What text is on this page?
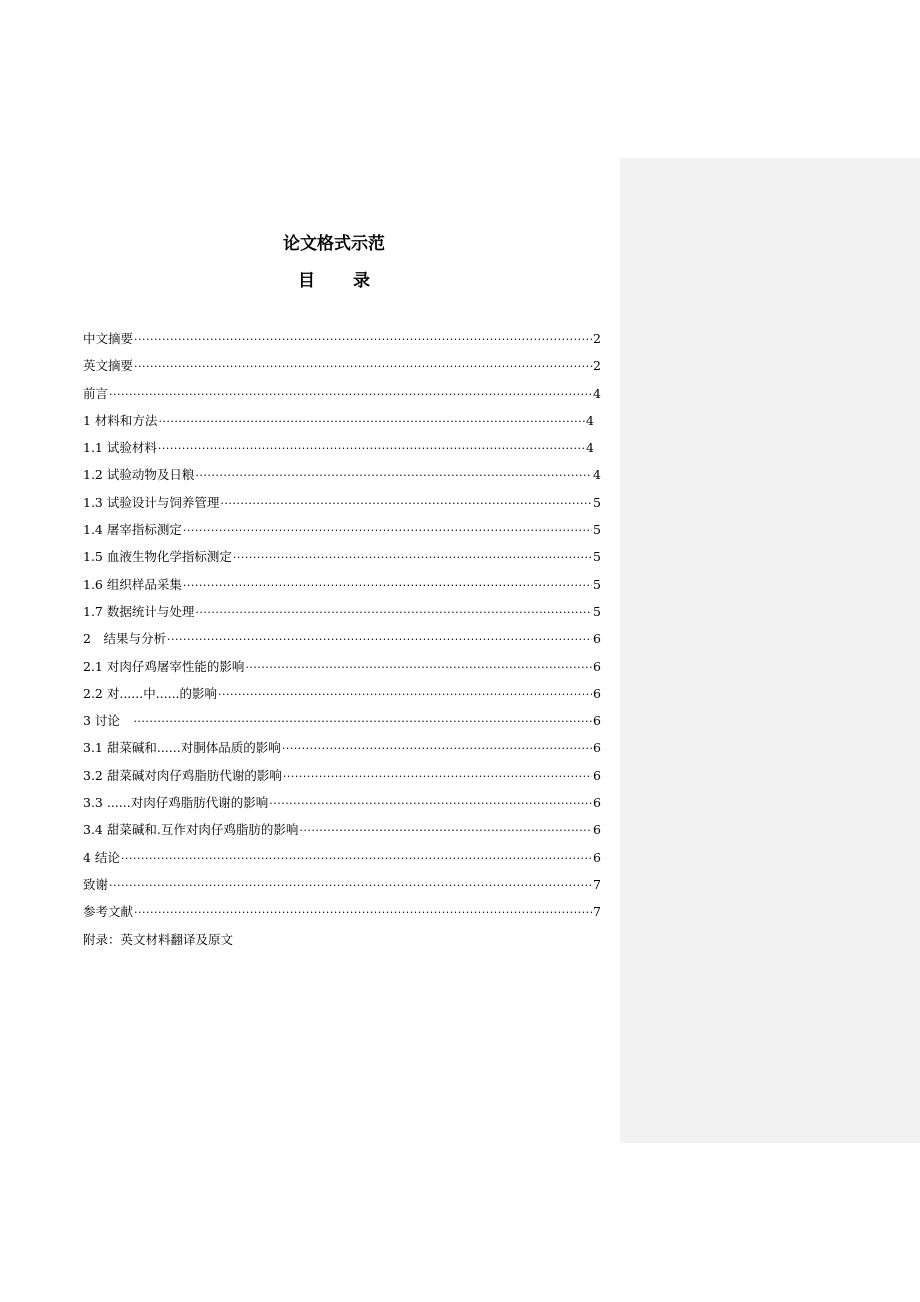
论文格式示范
目 录
中文摘要 ·····	2
英文摘要 ·····	2
前言 ·····	4
1 材料和方法 ·····	4
1.1 试验材料 ·····	4
1.2 试验动物及日粮 ·····	4
1.3 试验设计与饲养管理 ·····	5
1.4 屠宰指标测定 ·····	5
1.5 血液生物化学指标测定 ·····	5
1.6 组织样品采集 ·····	5
1.7 数据统计与处理 ·····	5
2　结果与分析 ·····	6
2.1 对肉仔鸡屠宰性能的影响 ·····	6
2.2 对......中......的影响 ·····	6
3 讨论　 ·····	6
3.1 甜菜碱和......对胴体品质的影响 ·····	6
3.2 甜菜碱对肉仔鸡脂肪代谢的影响 ·····	6
3.3 ......对肉仔鸡脂肪代谢的影响 ·····	6
3.4 甜菜碱和.互作对肉仔鸡脂肪的影响 ·····	6
4 结论 ·····	6
致谢 ·····	7
参考文献 ·····	7
附录：英文材料翻译及原文
